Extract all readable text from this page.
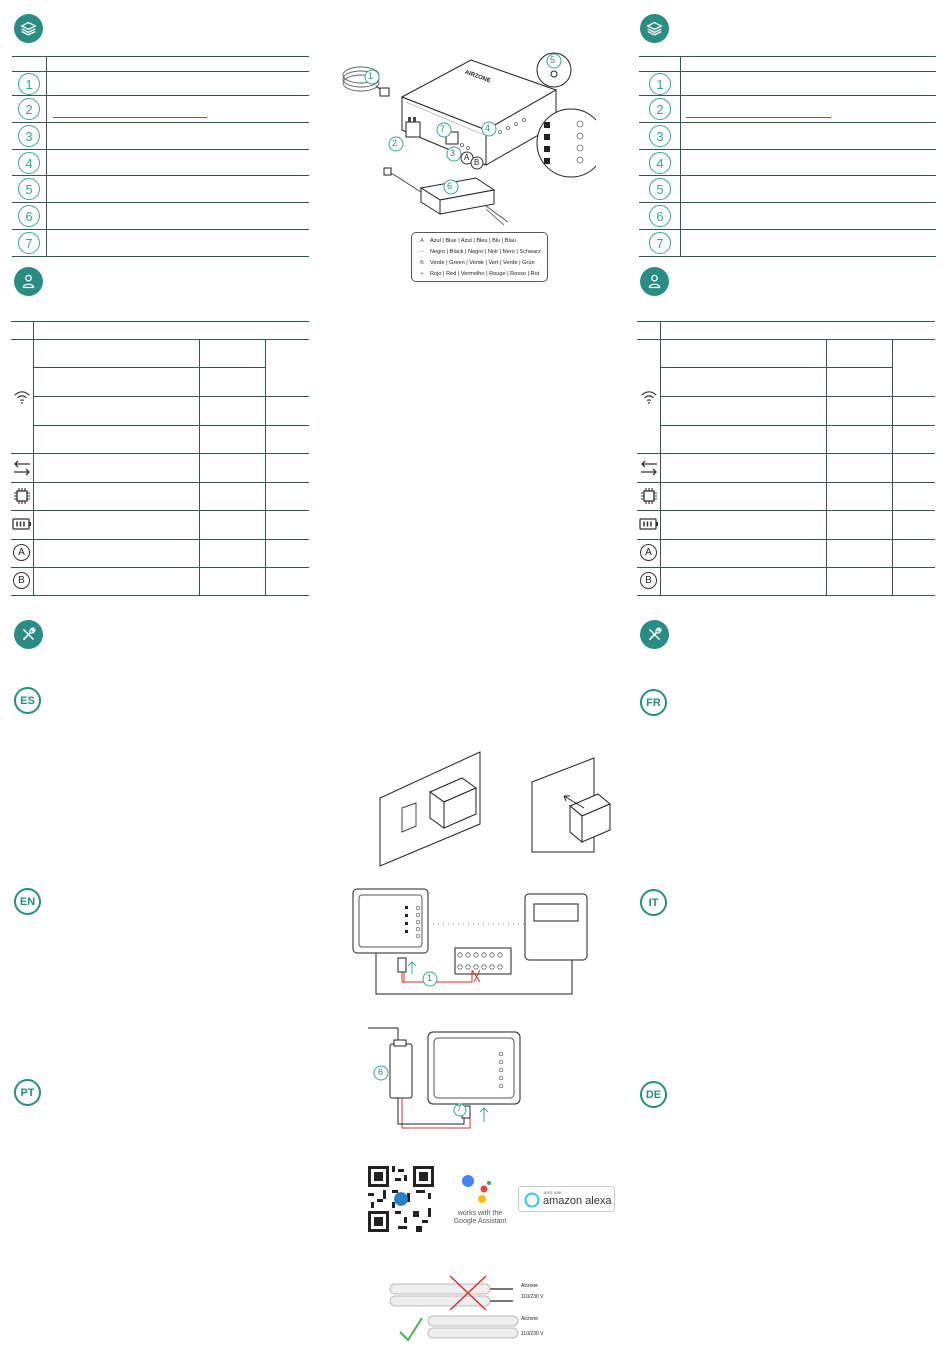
1
2
3
4
5
6
7
A
B
ES
EN
PT
1
2
3
4
5
6
7
A
B
FR
IT
DE
1
2
3
4
5
6
7
A
B
AIRZONE
A	Azul | Blue | Azul | Bleu | Blu | Blau
–	Negro | Black | Negro | Noir | Nero | Schwarz
B	Verde | Green | Verde | Vert | Verde | Grün
+	Rojo | Red | Vermelho | Rouge | Rosso | Rot
1
6
7
works with the
Google Assistant
JUST ASK
amazon alexa
Airzone
110/230 V
Airzone
110/230 V
